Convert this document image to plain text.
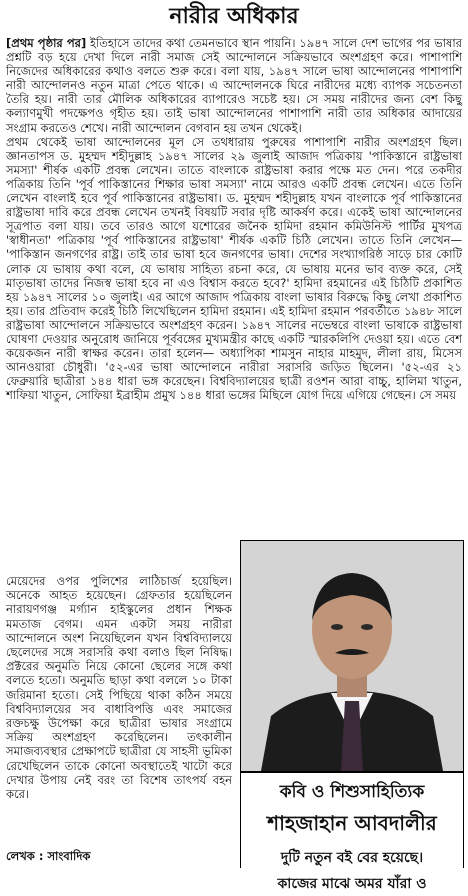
নারীর অধিকার

[প্রথম পৃষ্ঠার পর] ইতিহাসে তাদের কথা তেমনভাবে স্থান পায়নি। ১৯৪৭ সালে দেশ ভাগের পর ভাষার প্রশ্নটি বড় হয়ে দেখা দিলে নারী সমাজ সেই আন্দোলনে সক্রিয়ভাবে অংশগ্রহণ করে। পাশাপাশি নিজেদের অধিকারের কথাও বলতে শুরু করে। বলা যায়, ১৯৪৭ সালে ভাষা আন্দোলনের পাশাপাশি নারী আন্দোলনও নতুন মাত্রা পেতে থাকে। এ আন্দোলনকে ঘিরে নারীদের মধ্যে ব্যাপক সচেতনতা তৈরি হয়। নারী তার মৌলিক অধিকারের ব্যাপারেও সচেষ্ট হয়। সে সময় নারীদের জন্য বেশ কিছু কল্যাণমুখী পদক্ষেপও গৃহীত হয়। তাই ভাষা আন্দোলনের পাশাপাশি নারী তার অধিকার আদায়ের সংগ্রাম করতেও শেখে। নারী আন্দোলন বেগবান হয় তখন থেকেই।

প্রথম থেকেই ভাষা আন্দোলনের মূল সে তথধারায় পুরুষের পাশাপাশি নারীর অংশগ্রহণ ছিল। জ্ঞানতাপস ড. মুহম্মদ শহীদুল্লাহ ১৯৪৭ সালের ২৯ জুলাই আজাদ পত্রিকায় 'পাকিস্তানে রাষ্ট্রভাষা সমস্যা' শীর্ষক একটি প্রবন্ধ লেখেন। তাতে বাংলাকে রাষ্ট্রভাষা করার পক্ষে মত দেন। পরে তকদীর পত্রিকায় তিনি 'পূর্ব পাকিস্তানের শিক্ষার ভাষা সমস্যা' নামে আরও একটি প্রবন্ধ লেখেন। এতে তিনি লেখেন বাংলাই হবে পূর্ব পাকিস্তানের রাষ্ট্রভাষা। ড. মুহম্মদ শহীদুল্লাহ যখন বাংলাকে পূর্ব পাকিস্তানের রাষ্ট্রভাষা দাবি করে প্রবন্ধ লেখেন তখনই বিষয়টি সবার দৃষ্টি আকর্ষণ করে। একেই ভাষা আন্দোলনের সূত্রপাত বলা যায়। তবে তারও আগে যশোরের জনৈক হামিদা রহমান কমিউনিস্ট পার্টির মুখপত্র 'স্বাধীনতা' পত্রিকায় 'পূর্ব পাকিস্তানের রাষ্ট্রভাষা' শীর্ষক একটি চিঠি লেখেন। তাতে তিনি লেখেন— 'পাকিস্তান জনগণের রাষ্ট্র। তাই তার ভাষা হবে জনগণের ভাষা। দেশের সংখ্যাগরিষ্ঠ সাড়ে চার কোটি লোক যে ভাষায় কথা বলে, যে ভাষায় সাহিত্য রচনা করে, যে ভাষায় মনের ভাব ব্যক্ত করে, সেই মাতৃভাষা তাদের নিজস্ব ভাষা হবে না এও বিশ্বাস করতে হবে?' হামিদা রহমানের এই চিঠিটি প্রকাশিত হয় ১৯৪৭ সালের ১০ জুলাই। এর আগে আজাদ পত্রিকায় বাংলা ভাষার বিরুদ্ধে কিছু লেখা প্রকাশিত হয়। তার প্রতিবাদ করেই চিঠি লিখেছিলেন হামিদা রহমান। এই হামিদা রহমান পরবর্তীতে ১৯৪৮ সালে রাষ্ট্রভাষা আন্দোলনে সক্রিয়ভাবে অংশগ্রহণ করেন। ১৯৪৭ সালের নভেম্বরে বাংলা ভাষাকে রাষ্ট্রভাষা ঘোষণা দেওয়ার অনুরোধ জানিয়ে পূর্ববঙ্গের মুখ্যমন্ত্রীর কাছে একটি স্মারকলিপি দেওয়া হয়। এতে বেশ কয়েকজন নারী স্বাক্ষর করেন। তারা হলেন— অধ্যাপিকা শামসুন নাহার মাহমুদ, লীলা রায়, মিসেস আনওয়ারা চৌধুরী। '৫২-এর ভাষা আন্দোলনে নারীরা সরাসরি জড়িত ছিলেন। '৫২-এর ২১ ফেব্রুয়ারি ছাত্রীরা ১৪৪ ধারা ভঙ্গ করেছেন। বিশ্ববিদ্যালয়ের ছাত্রী রওশন আরা বাচ্চু, হালিমা খাতুন, শাফিয়া খাতুন, সোফিয়া ইব্রাহীম প্রমুখ ১৪৪ ধারা ভঙ্গের মিছিলে যোগ দিয়ে এগিয়ে গেছেন। সে সময়

মেয়েদের ওপর পুলিশের লাঠিচার্জ হয়েছিল। অনেকে আহত হয়েছেন। গ্রেফতার হয়েছিলেন নারায়ণগঞ্জ মর্গ্যান হাইস্কুলের প্রধান শিক্ষক মমতাজ বেগম। এমন একটা সময় নারীরা আন্দোলনে অংশ নিয়েছিলেন যখন বিশ্ববিদ্যালয়ে ছেলেদের সঙ্গে সরাসরি কথা বলাও ছিল নিষিদ্ধ। প্রক্টরের অনুমতি নিয়ে কোনো ছেলের সঙ্গে কথা বলতে হতো। অনুমতি ছাড়া কথা বললে ১০ টাকা জরিমানা হতো। সেই পিছিয়ে থাকা কঠিন সময়ে বিশ্ববিদ্যালয়ের সব বাধাবিপত্তি এবং সমাজের রক্তচক্ষু উপেক্ষা করে ছাত্রীরা ভাষার সংগ্রামে সক্রিয় অংশগ্রহণ করেছিলেন। তৎকালীন সমাজব্যবস্থার প্রেক্ষাপটে ছাত্রীরা যে সাহসী ভূমিকা রেখেছিলেন তাকে কোনো অবস্থাতেই খাটো করে দেখার উপায় নেই বরং তা বিশেষ তাৎপর্য বহন করে।

লেখক : সাংবাদিক
কবি ও শিশুসাহিত্যিক
শাহজাহান আবদালীর
দুটি নতুন বই বের হয়েছে।
কাজের মাঝে অমর যাঁরা ও
